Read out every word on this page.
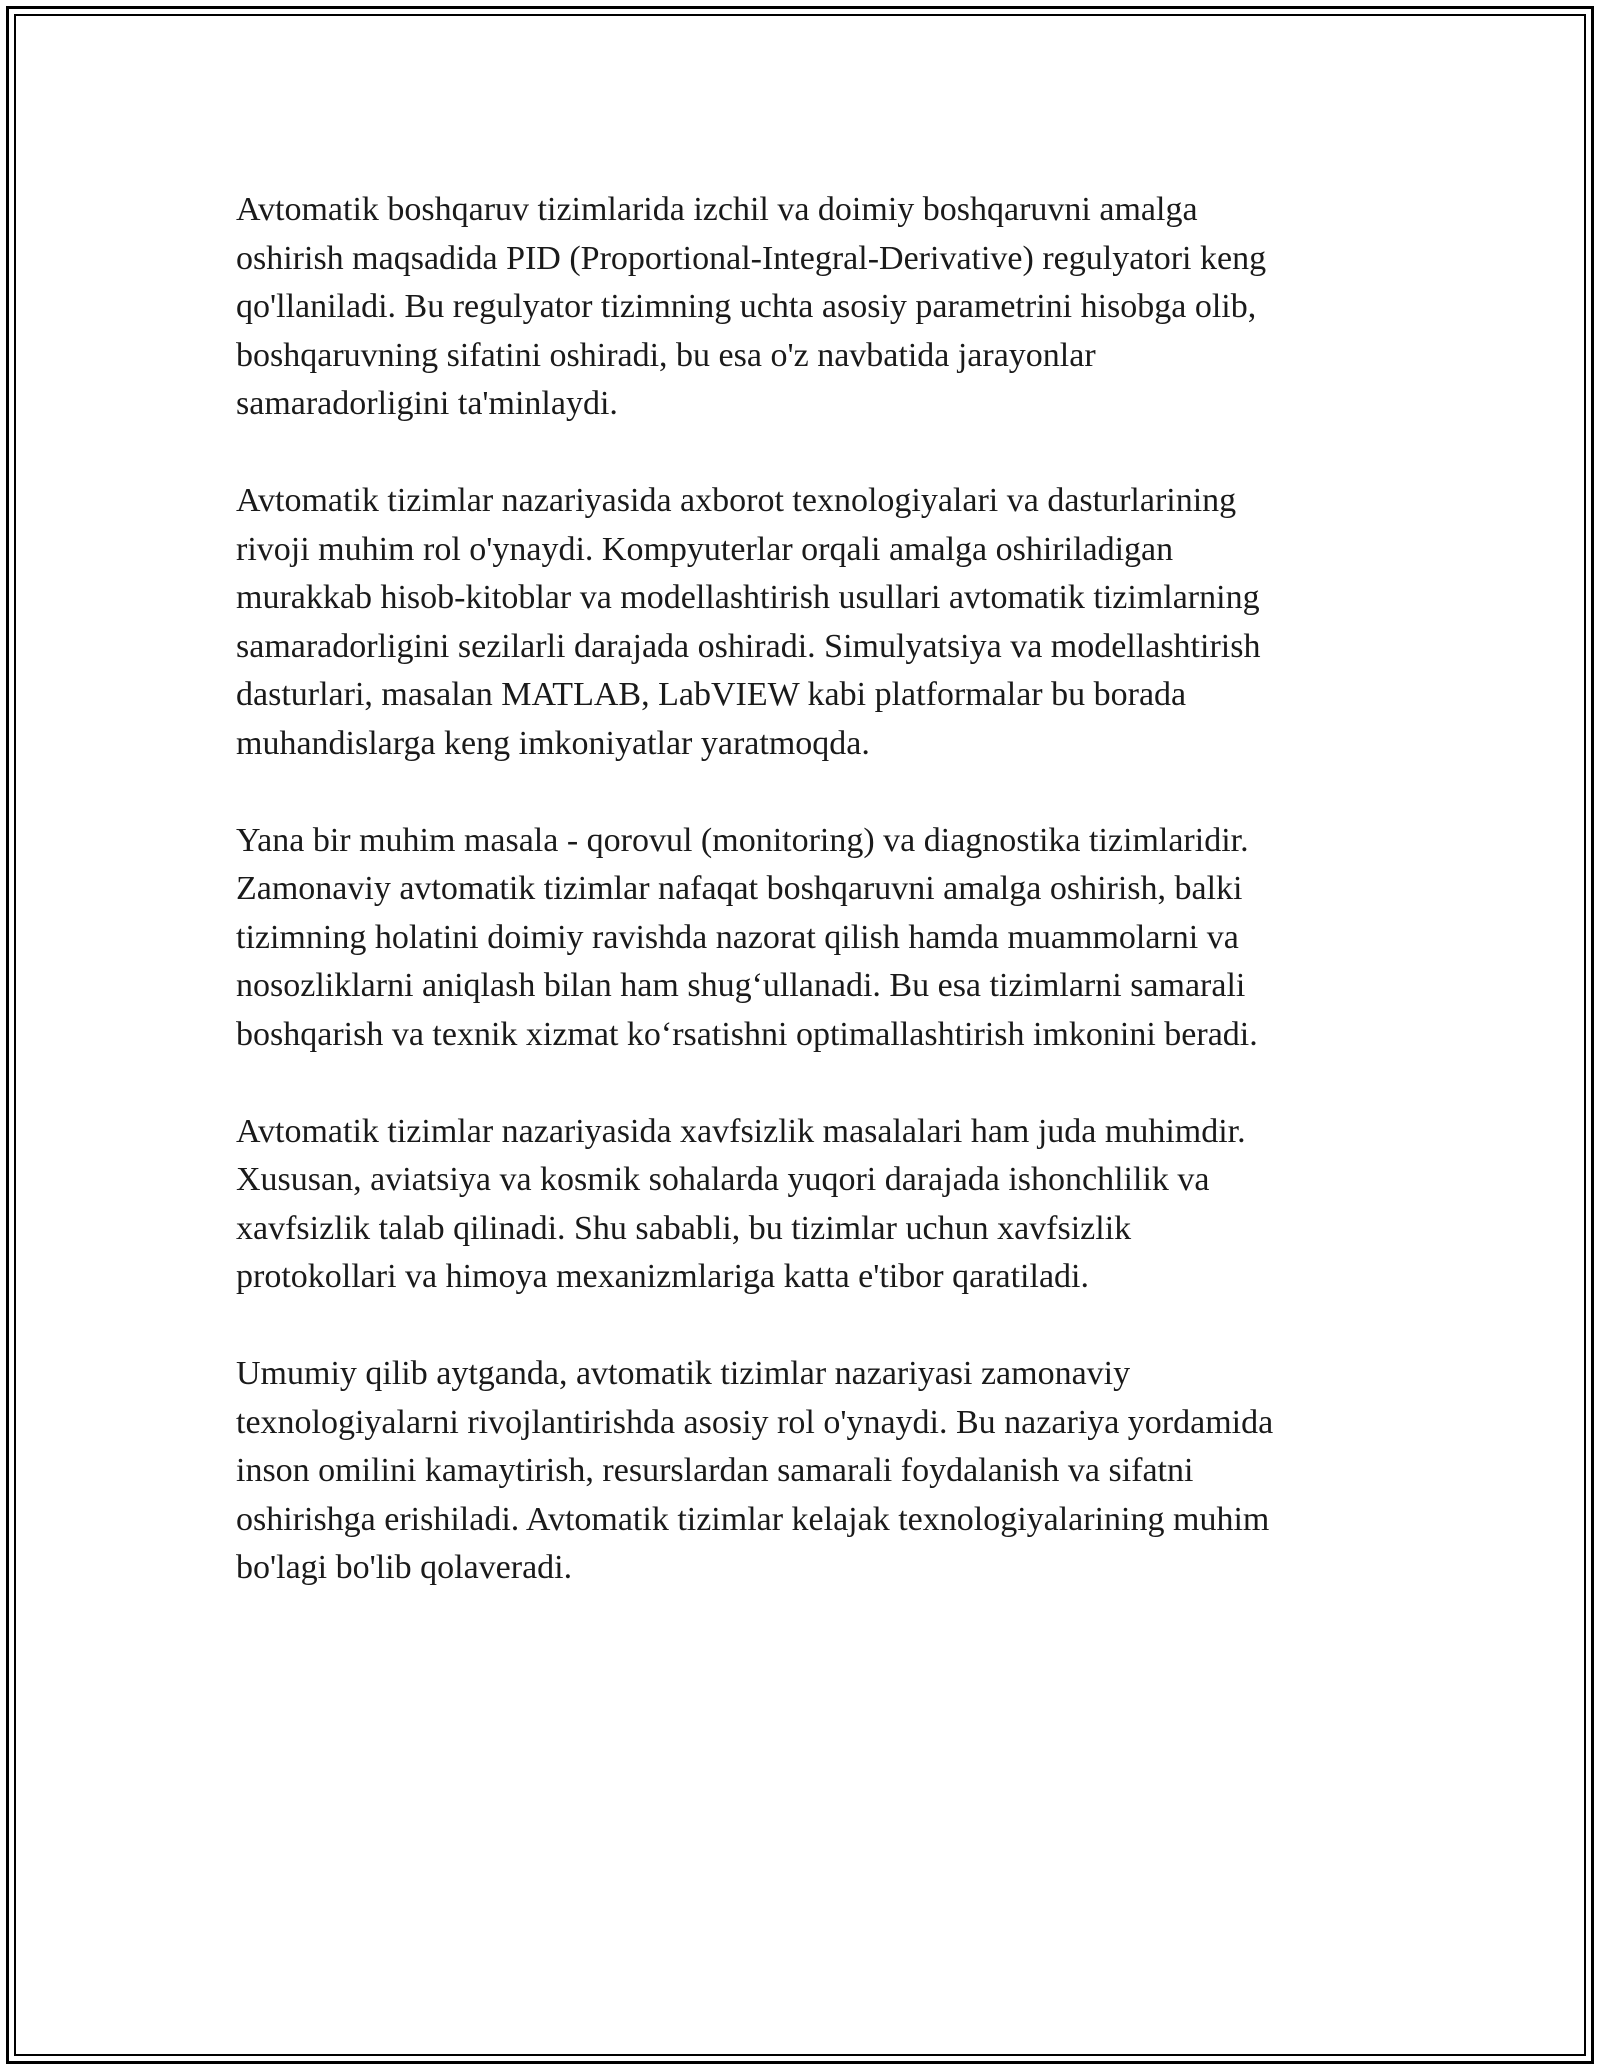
Avtomatik boshqaruv tizimlarida izchil va doimiy boshqaruvni amalga
oshirish maqsadida PID (Proportional-Integral-Derivative) regulyatori keng
qo'llaniladi. Bu regulyator tizimning uchta asosiy parametrini hisobga olib,
boshqaruvning sifatini oshiradi, bu esa o'z navbatida jarayonlar
samaradorligini ta'minlaydi.
Avtomatik tizimlar nazariyasida axborot texnologiyalari va dasturlarining
rivoji muhim rol o'ynaydi. Kompyuterlar orqali amalga oshiriladigan
murakkab hisob-kitoblar va modellashtirish usullari avtomatik tizimlarning
samaradorligini sezilarli darajada oshiradi. Simulyatsiya va modellashtirish
dasturlari, masalan MATLAB, LabVIEW kabi platformalar bu borada
muhandislarga keng imkoniyatlar yaratmoqda.
Yana bir muhim masala - qorovul (monitoring) va diagnostika tizimlaridir.
Zamonaviy avtomatik tizimlar nafaqat boshqaruvni amalga oshirish, balki
tizimning holatini doimiy ravishda nazorat qilish hamda muammolarni va
nosozliklarni aniqlash bilan ham shug‘ullanadi. Bu esa tizimlarni samarali
boshqarish va texnik xizmat ko‘rsatishni optimallashtirish imkonini beradi.
Avtomatik tizimlar nazariyasida xavfsizlik masalalari ham juda muhimdir.
Xususan, aviatsiya va kosmik sohalarda yuqori darajada ishonchlilik va
xavfsizlik talab qilinadi. Shu sababli, bu tizimlar uchun xavfsizlik
protokollari va himoya mexanizmlariga katta e'tibor qaratiladi.
Umumiy qilib aytganda, avtomatik tizimlar nazariyasi zamonaviy
texnologiyalarni rivojlantirishda asosiy rol o'ynaydi. Bu nazariya yordamida
inson omilini kamaytirish, resurslardan samarali foydalanish va sifatni
oshirishga erishiladi. Avtomatik tizimlar kelajak texnologiyalarining muhim
bo'lagi bo'lib qolaveradi.
